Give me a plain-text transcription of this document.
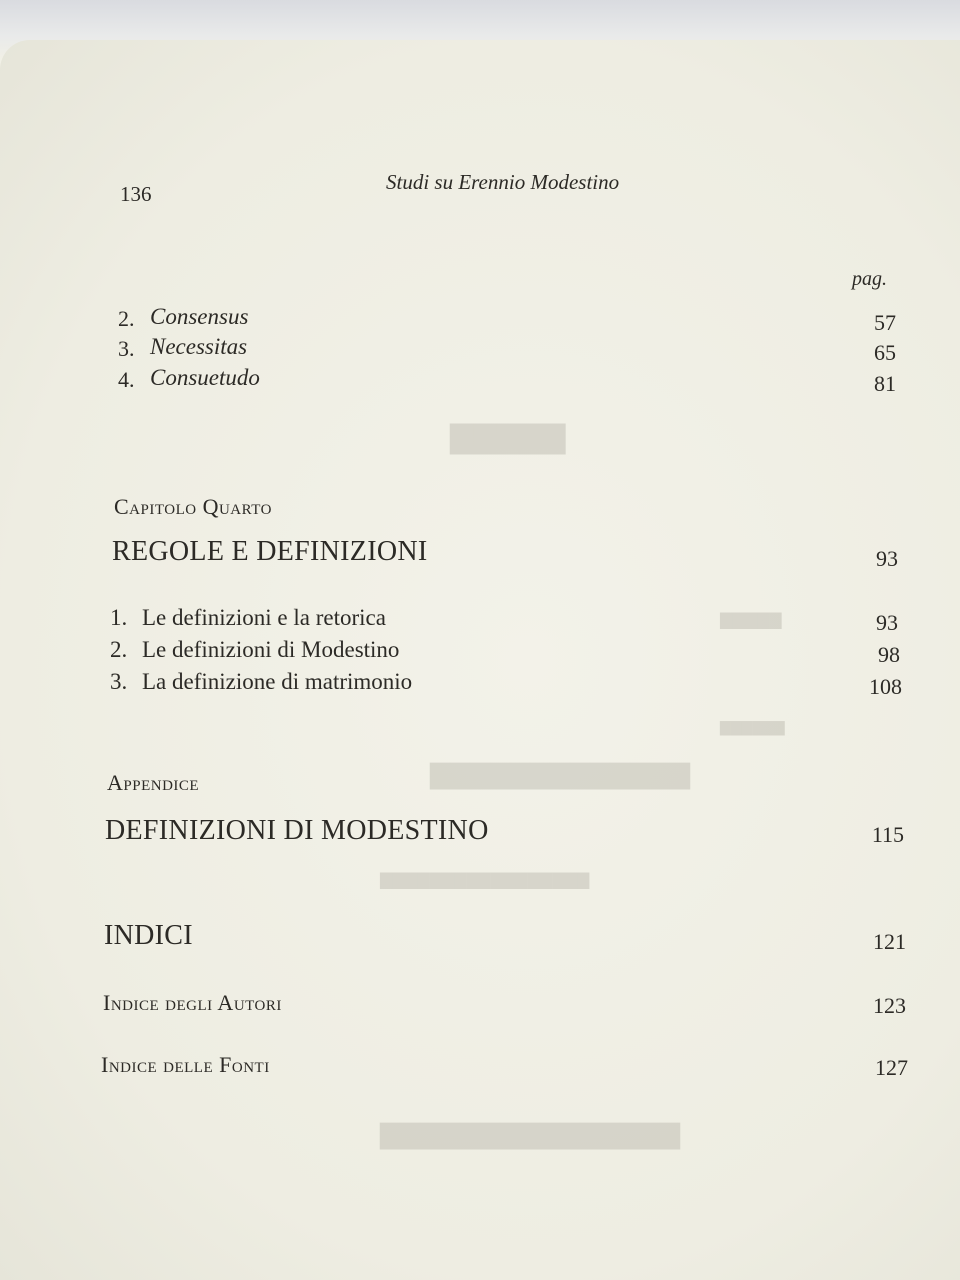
▇▇▇▇▇
▇▇▇▇▇
▇▇▇▇▇▇
▇▇▇▇▇▇▇▇▇▇▇▇▇
▇▇▇▇▇▇▇▇▇▇▇▇▇▇▇▇▇
▇▇▇▇▇▇▇▇▇▇▇▇▇▇▇
136	Studi su Erennio Modestino
pag.
2. Consensus	57
3. Necessitas	65
4. Consuetudo	81
Capitolo Quarto
REGOLE E DEFINIZIONI	93
1. Le definizioni e la retorica	93
2. Le definizioni di Modestino	98
3. La definizione di matrimonio	108
Appendice
DEFINIZIONI DI MODESTINO	115
INDICI	121
Indice degli Autori	123
Indice delle Fonti	127
